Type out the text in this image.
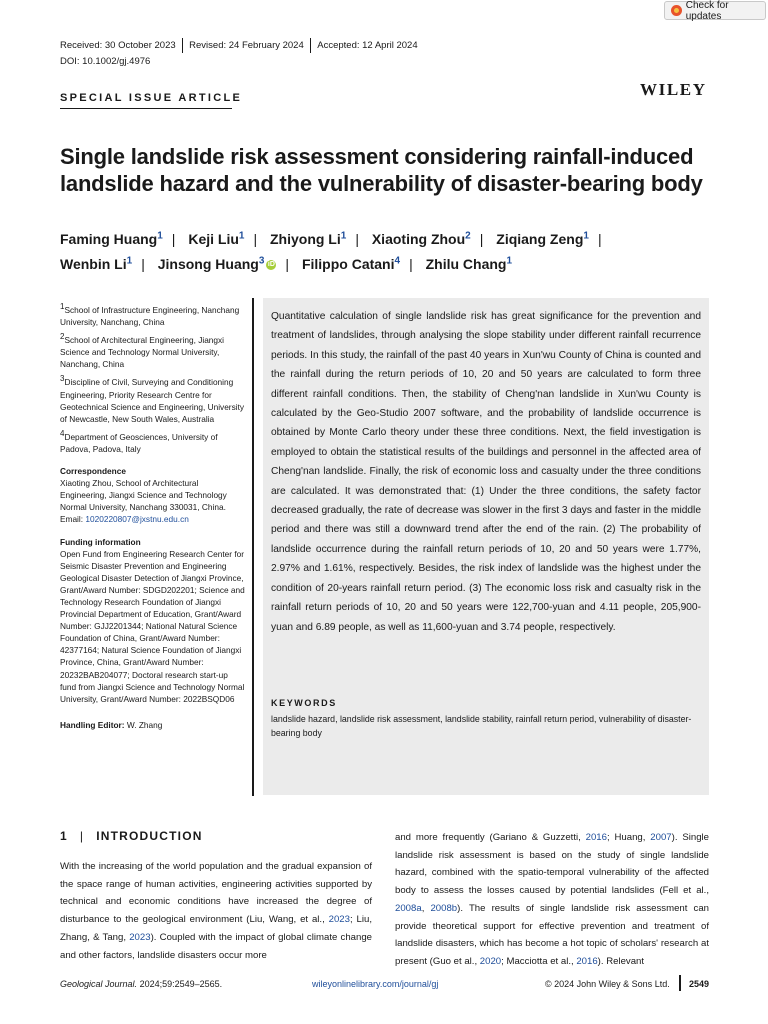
Check for updates
Received: 30 October 2023	Revised: 24 February 2024	Accepted: 12 April 2024
DOI: 10.1002/gj.4976
SPECIAL ISSUE ARTICLE	WILEY
Single landslide risk assessment considering rainfall-induced landslide hazard and the vulnerability of disaster-bearing body
Faming Huang$^1$ | Keji Liu$^1$ | Zhiyong Li$^1$ | Xiaoting Zhou$^2$ | Ziqiang Zeng$^1$ |
Wenbin Li$^1$ | Jinsong Huang$^3$ iD | Filippo Catani$^4$ | Zhilu Chang$^1$
1School of Infrastructure Engineering, Nanchang University, Nanchang, China
2School of Architectural Engineering, Jiangxi Science and Technology Normal University, Nanchang, China
3Discipline of Civil, Surveying and Conditioning Engineering, Priority Research Centre for Geotechnical Science and Engineering, University of Newcastle, New South Wales, Australia
4Department of Geosciences, University of Padova, Padova, Italy
Correspondence
Xiaoting Zhou, School of Architectural Engineering, Jiangxi Science and Technology Normal University, Nanchang 330031, China. Email: 1020220807@jxstnu.edu.cn
Funding information
Open Fund from Engineering Research Center for Seismic Disaster Prevention and Engineering Geological Disaster Detection of Jiangxi Province, Grant/Award Number: SDGD202201; Science and Technology Research Foundation of Jiangxi Provincial Department of Education, Grant/Award Number: GJJ2201344; National Natural Science Foundation of China, Grant/Award Number: 42377164; Natural Science Foundation of Jiangxi Province, China, Grant/Award Number: 20232BAB204077; Doctoral research start-up fund from Jiangxi Science and Technology Normal University, Grant/Award Number: 2022BSQD06
Handling Editor: W. Zhang
Quantitative calculation of single landslide risk has great significance for the prevention and treatment of landslides, through analysing the slope stability under different rainfall recurrence periods. In this study, the rainfall of the past 40 years in Xun'wu County of China is counted and the rainfall during the return periods of 10, 20 and 50 years are calculated to form three different rainfall conditions. Then, the stability of Cheng'nan landslide in Xun'wu County is calculated by the Geo-Studio 2007 software, and the probability of landslide occurrence is obtained by Monte Carlo theory under these three conditions. Next, the field investigation is employed to obtain the statistical results of the buildings and personnel in the affected area of Cheng'nan landslide. Finally, the risk of economic loss and casualty under the three conditions are calculated. It was demonstrated that: (1) Under the three conditions, the safety factor decreased gradually, the rate of decrease was slower in the first 3 days and faster in the middle period and there was still a downward trend after the end of the rain. (2) The probability of landslide occurrence during the rainfall return periods of 10, 20 and 50 years were 1.77%, 2.97% and 1.61%, respectively. Besides, the risk index of landslide was the highest under the condition of 20-years rainfall return period. (3) The economic loss risk and casualty risk in the rainfall return periods of 10, 20 and 50 years were 122,700-yuan and 4.11 people, 205,900-yuan and 6.89 people, as well as 11,600-yuan and 3.74 people, respectively.
KEYWORDS
landslide hazard, landslide risk assessment, landslide stability, rainfall return period, vulnerability of disaster-bearing body
1 | INTRODUCTION
With the increasing of the world population and the gradual expansion of the space range of human activities, engineering activities supported by technical and economic conditions have increased the degree of disturbance to the geological environment (Liu, Wang, et al., 2023; Liu, Zhang, & Tang, 2023). Coupled with the impact of global climate change and other factors, landslide disasters occur more
and more frequently (Gariano & Guzzetti, 2016; Huang, 2007). Single landslide risk assessment is based on the study of single landslide hazard, combined with the spatio-temporal vulnerability of the affected body to assess the losses caused by potential landslides (Fell et al., 2008a, 2008b). The results of single landslide risk assessment can provide theoretical support for effective prevention and treatment of landslide disasters, which has become a hot topic of scholars' research at present (Guo et al., 2020; Macciotta et al., 2016). Relevant
Geological Journal. 2024;59:2549–2565.	wileyonlinelibrary.com/journal/gj	© 2024 John Wiley & Sons Ltd. 2549
